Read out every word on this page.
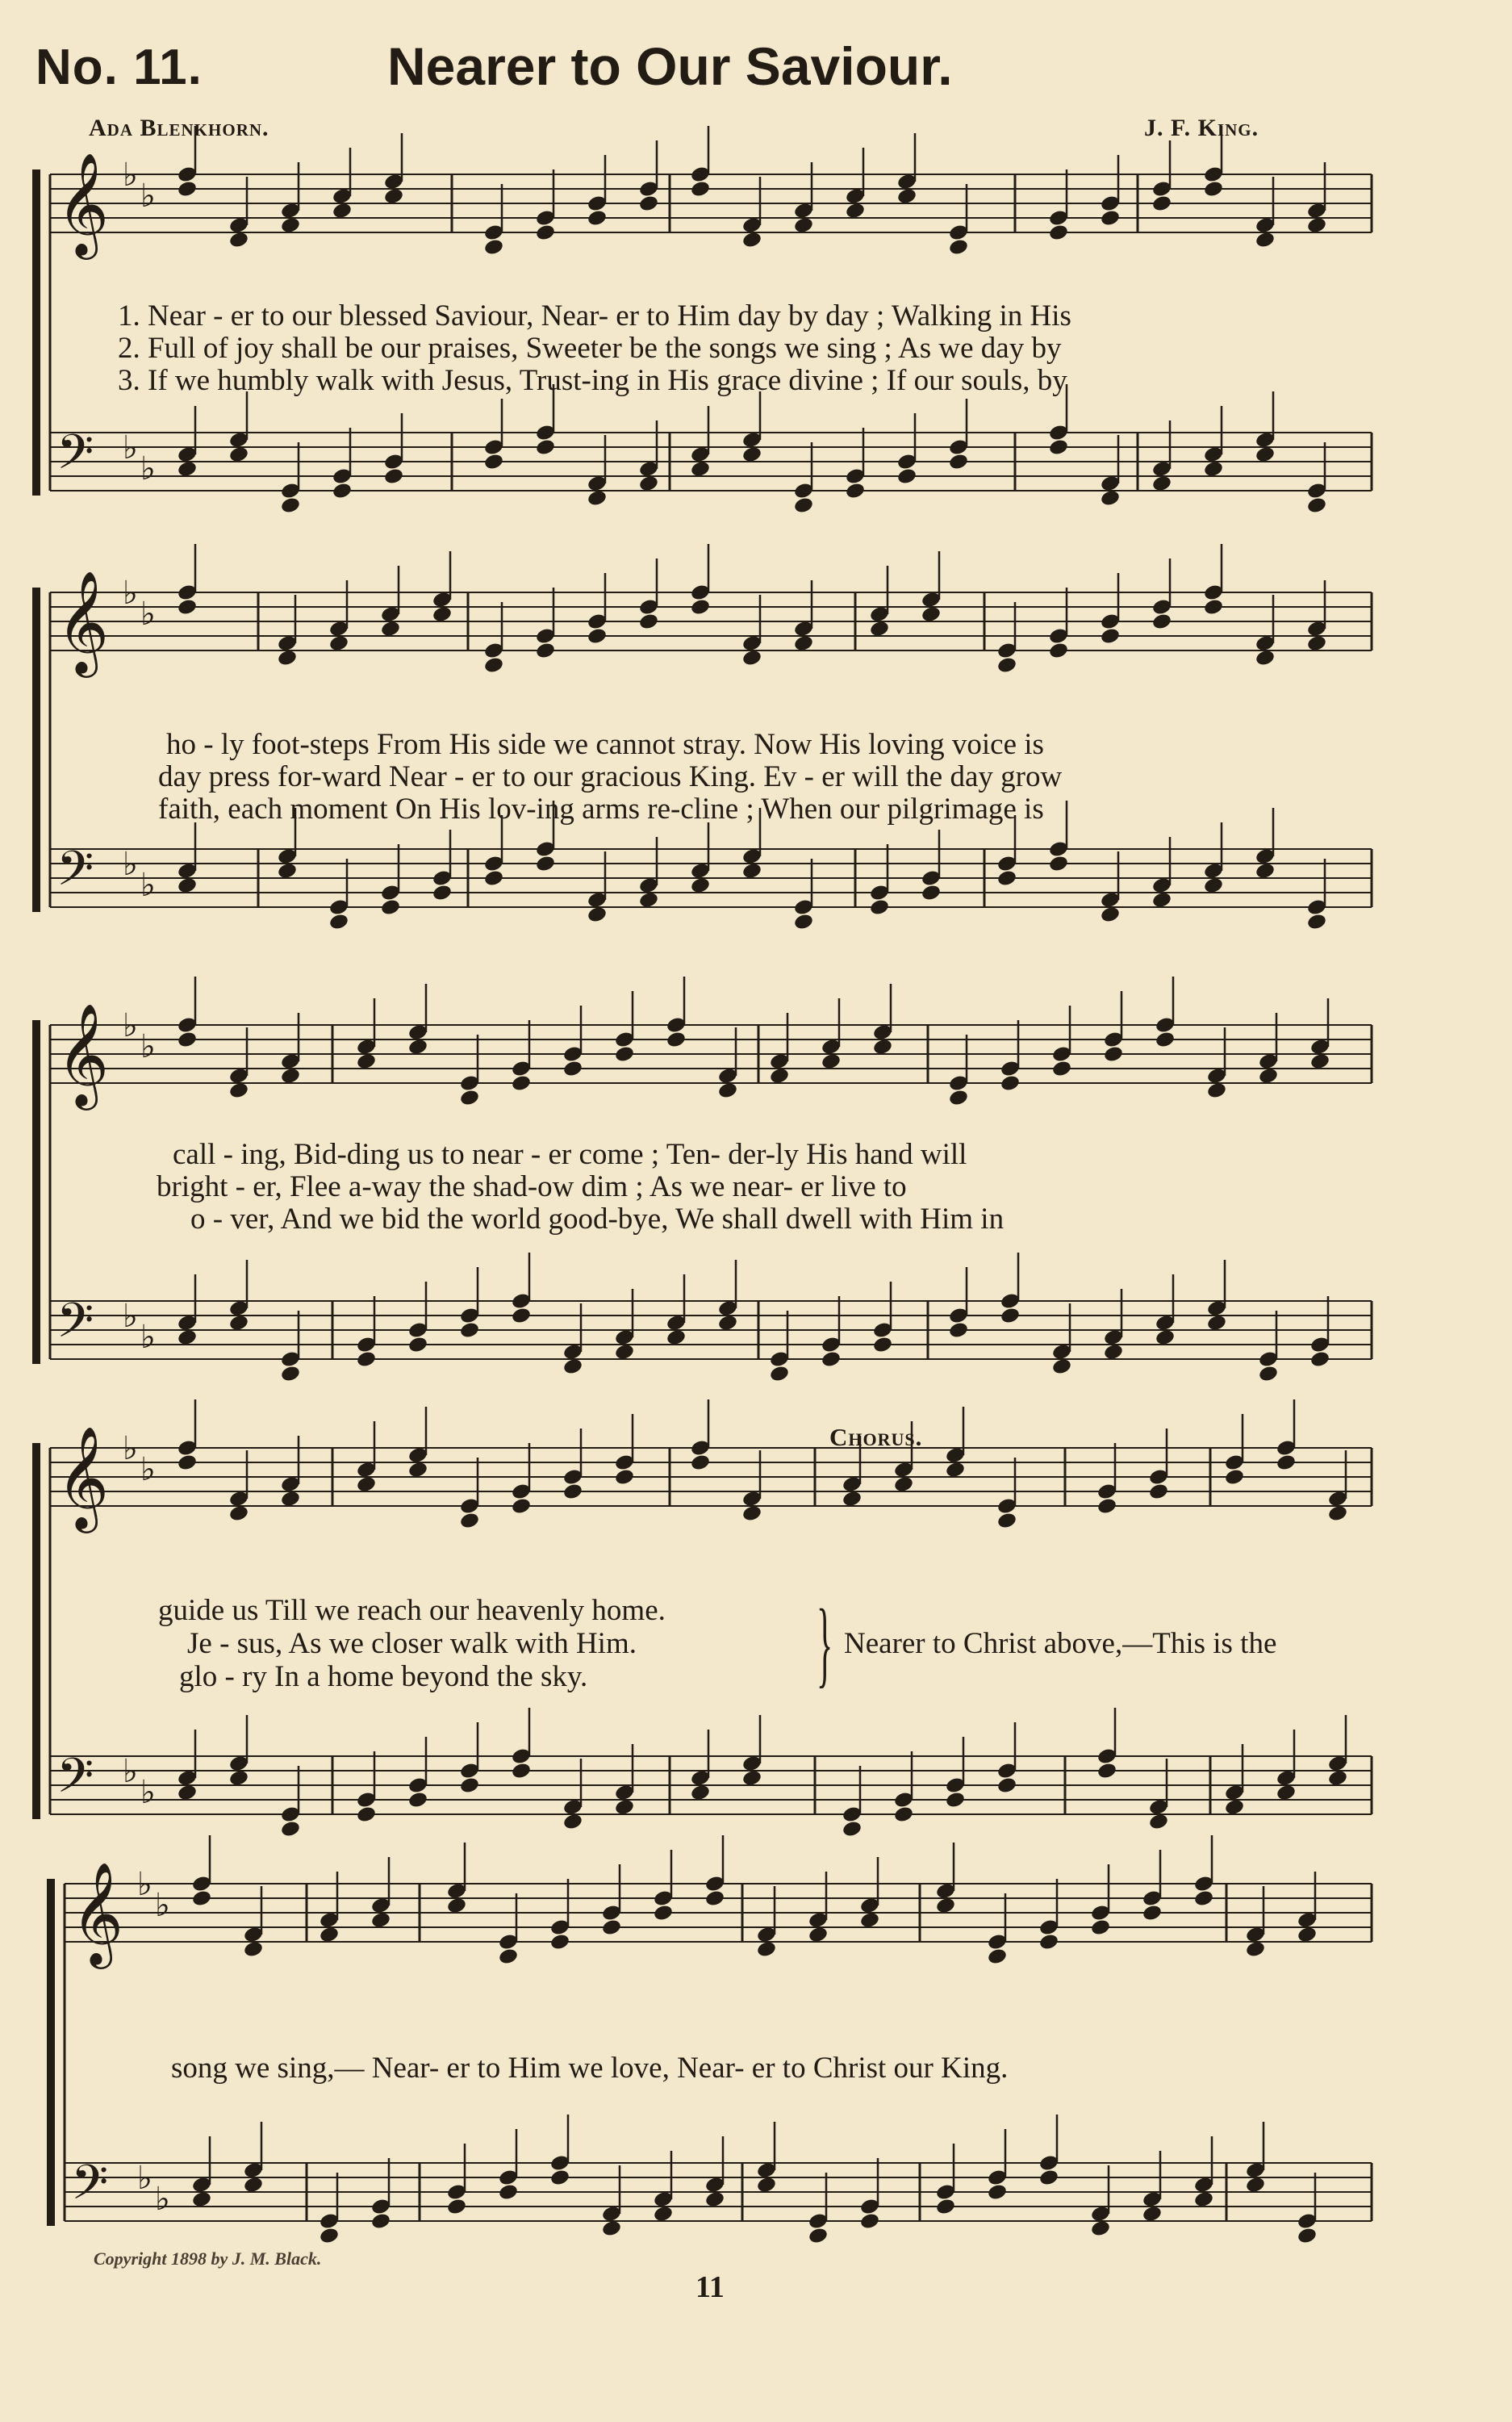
No. 11.	Nearer to Our Saviour.
Ada Blenkhorn.	J. F. King.
𝄞 ♭
♭
𝄢 ♭
♭
1. Near - er to our blessed Saviour, Near- er to Him day by day ; Walking in His
2. Full of joy shall be our praises, Sweeter be the songs we sing ; As we day by
3. If we humbly walk with Jesus, Trust-ing in His grace divine ; If our souls, by
𝄞 ♭
♭
𝄢 ♭
♭
ho - ly foot-steps From His side we cannot stray. Now His loving voice is
day press for-ward Near - er to our gracious King. Ev - er will the day grow
faith, each moment On His lov-ing arms re-cline ; When our pilgrimage is
𝄞 ♭
♭
𝄢 ♭
♭
call - ing, Bid-ding us to near - er come ; Ten- der-ly His hand will
bright - er, Flee a-way the shad-ow dim ; As we near- er live to
o - ver, And we bid the world good-bye, We shall dwell with Him in
𝄞 ♭
♭
𝄢 ♭
♭
Chorus.
guide us Till we reach our heavenly home.
Je - sus, As we closer walk with Him.
glo - ry In a home beyond the sky. } Nearer to Christ above,—This is the
𝄞 ♭
♭
𝄢 ♭
♭
song we sing,— Near- er to Him we love, Near- er to Christ our King.
Copyright 1898 by J. M. Black.
11
